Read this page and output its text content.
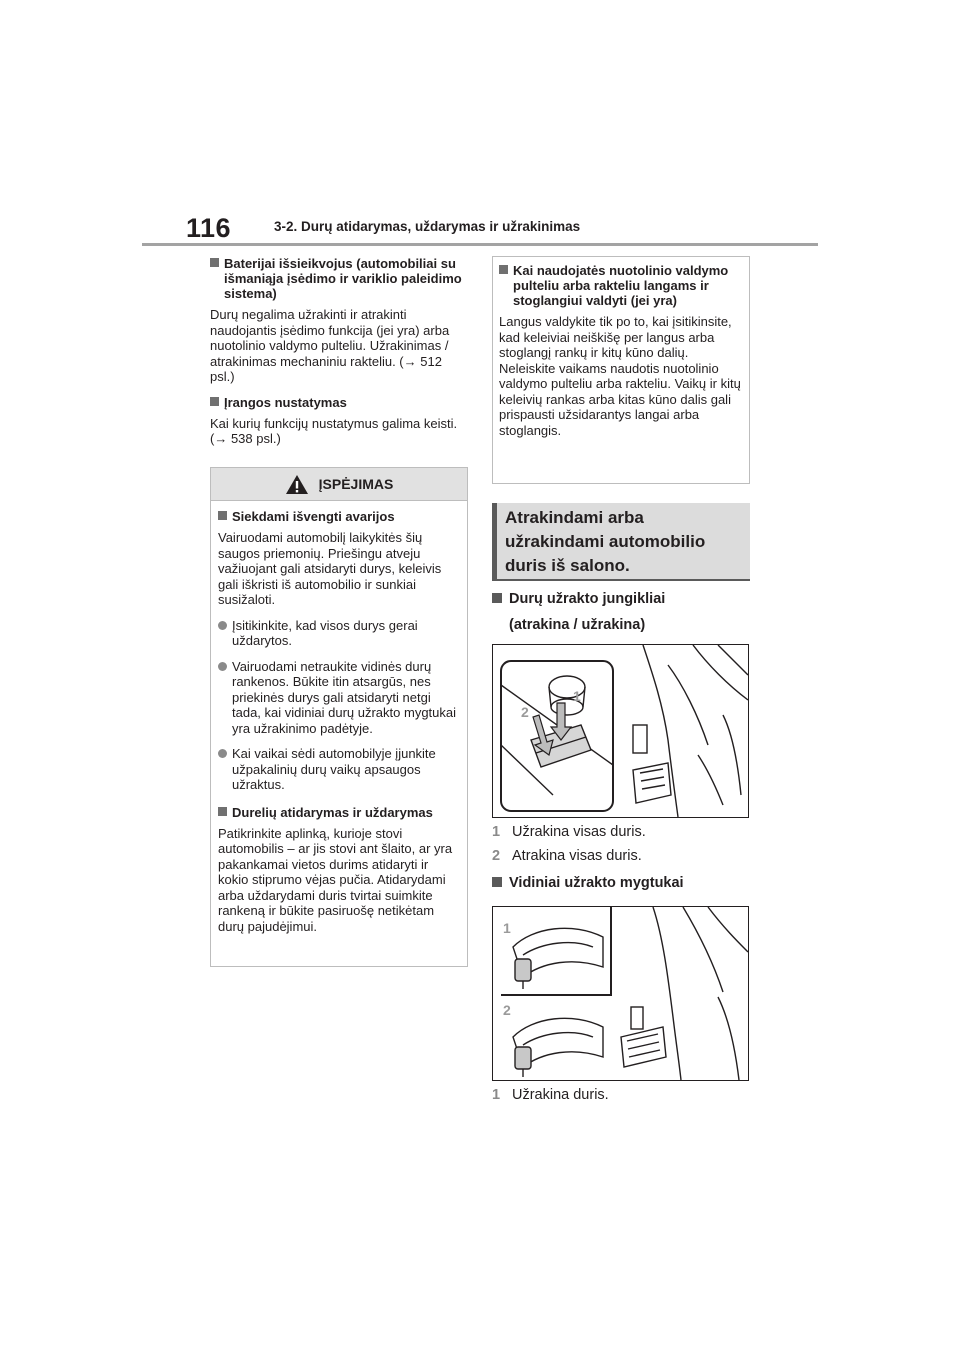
116	3-2. Durų atidarymas, uždarymas ir užrakinimas
Baterijai išsieikvojus (automobiliai su išmaniąja įsėdimo ir variklio paleidimo sistema)

Durų negalima užrakinti ir atrakinti naudojantis įsėdimo funkcija (jei yra) arba nuotolinio valdymo pulteliu. Užrakinimas / atrakinimas mechaniniu rakteliu. (→ 512 psl.)

Įrangos nustatymas

Kai kurių funkcijų nustatymus galima keisti. (→ 538 psl.)

ĮSPĖJIMAS
Siekdami išvengti avarijos

Vairuodami automobilį laikykitės šių saugos priemonių. Priešingu atveju važiuojant gali atsidaryti durys, keleivis gali iškristi iš automobilio ir sunkiai susižaloti.

Įsitikinkite, kad visos durys gerai uždarytos.
Vairuodami netraukite vidinės durų rankenos. Būkite itin atsargūs, nes priekinės durys gali atsidaryti netgi tada, kai vidiniai durų užrakto mygtukai yra užrakinimo padėtyje.
Kai vaikai sėdi automobilyje įjunkite užpakalinių durų vaikų apsaugos užraktus.
Durelių atidarymas ir uždarymas

Patikrinkite aplinką, kurioje stovi automobilis – ar jis stovi ant šlaito, ar yra pakankamai vietos durims atidaryti ir kokio stiprumo vėjas pučia. Atidarydami arba uždarydami duris tvirtai suimkite rankeną ir būkite pasiruošę netikėtam durų pajudėjimui.

Kai naudojatės nuotolinio valdymo pulteliu arba rakteliu langams ir stoglangiui valdyti (jei yra)

Langus valdykite tik po to, kai įsitikinsite, kad keleiviai neiškišę per langus arba stoglangį rankų ir kitų kūno dalių. Neleiskite vaikams naudotis nuotolinio valdymo pulteliu arba rakteliu. Vaikų ir kitų keleivių rankas arba kitas kūno dalis gali prispausti užsidarantys langai arba stoglangis.

Atrakindami arba
užrakindami automobilio
duris iš salono.
Durų užrakto jungikliai
(atrakina / užrakina)
1
2
1 Užrakina visas duris.
2 Atrakina visas duris.
Vidiniai užrakto mygtukai
1
2
1 Užrakina duris.
